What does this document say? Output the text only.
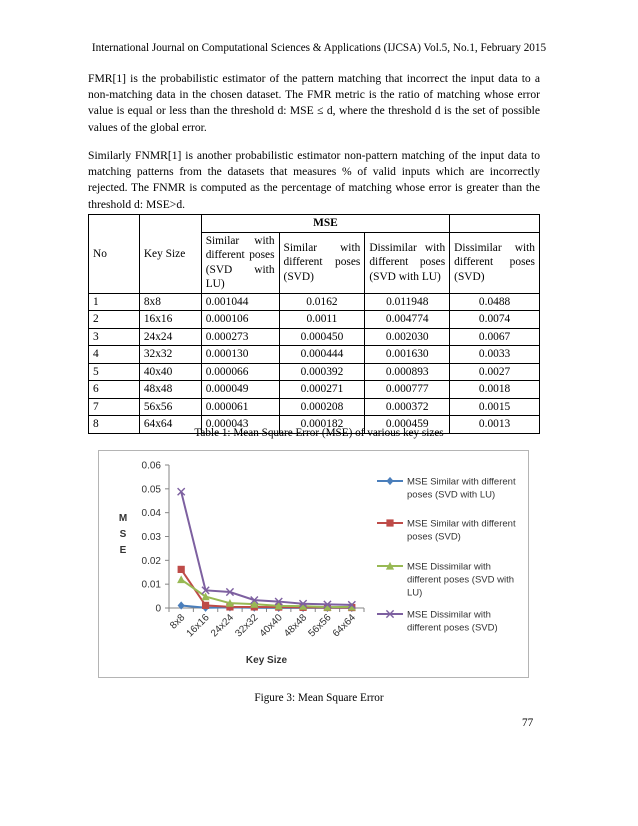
International Journal on Computational Sciences & Applications (IJCSA) Vol.5, No.1, February 2015

FMR[1] is the probabilistic estimator of the pattern matching that incorrect the input data to a non-matching data in the chosen dataset. The FMR metric is the ratio of matching whose error value is equal or less than the threshold d: MSE ≤ d, where the threshold d is the set of possible values of the global error.

Similarly FNMR[1] is another probabilistic estimator non-pattern matching of the input data to matching patterns from the datasets that measures % of valid inputs which are incorrectly rejected. The FNMR is computed as the percentage of matching whose error is greater than the threshold d: MSE>d.

No	Key Size	MSE			
		Similar with different poses (SVD with LU)	Similar with different poses (SVD)	Dissimilar with different poses (SVD with LU)	Dissimilar with different poses (SVD)
1	8x8	0.001044	0.0162	0.011948	0.0488
2	16x16	0.000106	0.0011	0.004774	0.0074
3	24x24	0.000273	0.000450	0.002030	0.0067
4	32x32	0.000130	0.000444	0.001630	0.0033
5	40x40	0.000066	0.000392	0.000893	0.0027
6	48x48	0.000049	0.000271	0.000777	0.0018
7	56x56	0.000061	0.000208	0.000372	0.0015
8	64x64	0.000043	0.000182	0.000459	0.0013
Table 1: Mean Square Error (MSE) of various key sizes
0
0.01
0.02
0.03
0.04
0.05
0.06
8x8
16x16
24x24
32x32
40x40
48x48
56x56
64x64
Key Size
M S E
MSE Similar with different
poses (SVD with LU)
MSE Similar with different
poses (SVD)
MSE Dissimilar with
different poses (SVD with
LU)
MSE Dissimilar with
different poses (SVD)
Figure 3: Mean Square Error
77
